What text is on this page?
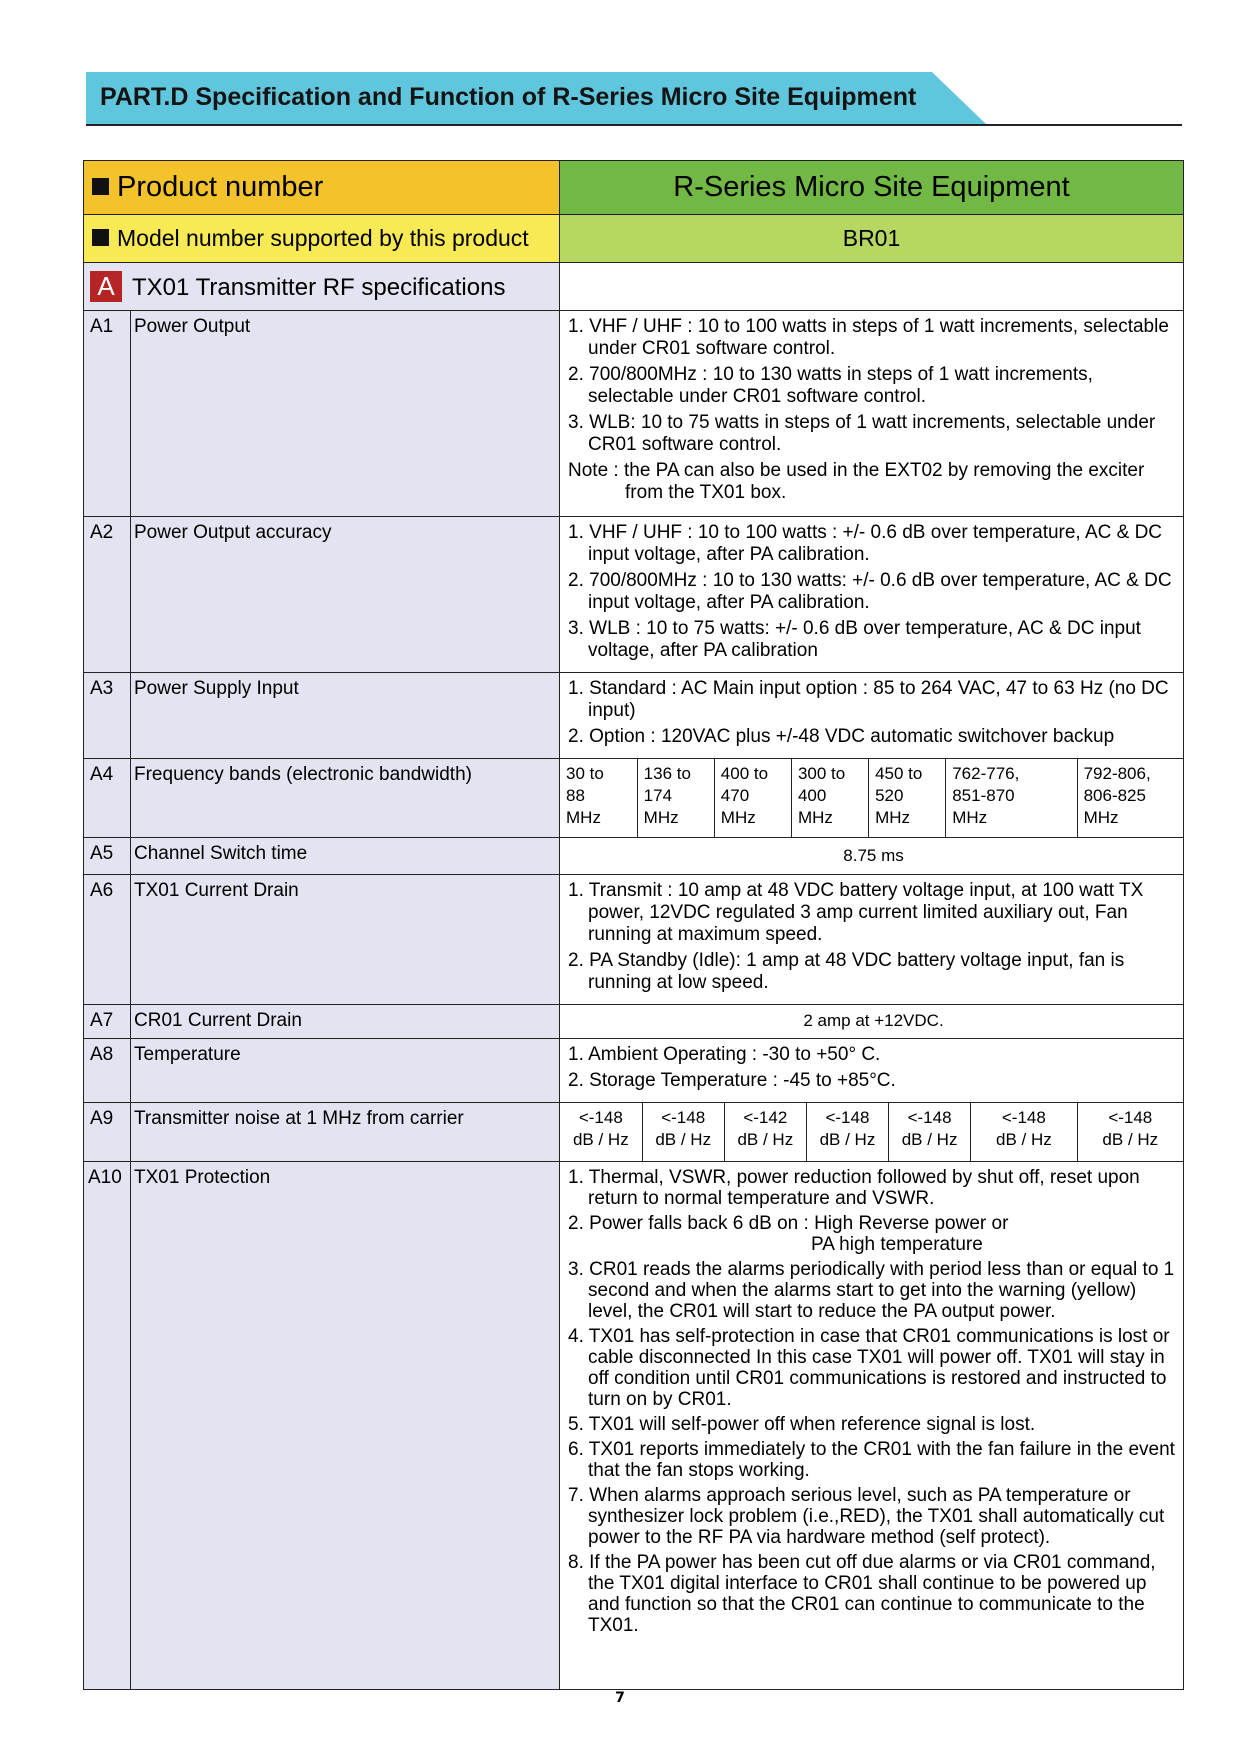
PART.D Specification and Function of R-Series Micro Site Equipment
Product number	R-Series Micro Site Equipment
Model number supported by this product	BR01
A TX01 Transmitter RF specifications	
A1	Power Output	1. VHF / UHF : 10 to 100 watts in steps of 1 watt increments, selectable under CR01 software control.
2. 700/800MHz : 10 to 130 watts in steps of 1 watt increments, selectable under CR01 software control.
3. WLB: 10 to 75 watts in steps of 1 watt increments, selectable under CR01 software control.
Note : the PA can also be used in the EXT02 by removing the exciter from the TX01 box.

A2	Power Output accuracy	1. VHF / UHF : 10 to 100 watts : +/- 0.6 dB over temperature, AC & DC input voltage, after PA calibration.
2. 700/800MHz : 10 to 130 watts: +/- 0.6 dB over temperature, AC & DC input voltage, after PA calibration.
3. WLB : 10 to 75 watts: +/- 0.6 dB over temperature, AC & DC input voltage, after PA calibration

A3	Power Supply Input	1. Standard : AC Main input option : 85 to 264 VAC, 47 to 63 Hz (no DC input)
2. Option : 120VAC plus +/-48 VDC automatic switchover backup

A4	Frequency bands (electronic bandwidth)		30 to
88
MHz

136 to
174
MHz

400 to
470
MHz

300 to
400
MHz

450 to
520
MHz

762-776,
851-870
MHz

792-806,
806-825
MHz

A5	Channel Switch time	8.75 ms
A6	TX01 Current Drain	1. Transmit : 10 amp at 48 VDC battery voltage input, at 100 watt TX power, 12VDC regulated 3 amp current limited auxiliary out, Fan running at maximum speed.
2. PA Standby (Idle): 1 amp at 48 VDC battery voltage input, fan is running at low speed.

A7	CR01 Current Drain	2 amp at +12VDC.
A8	Temperature	1. Ambient Operating : -30 to +50° C.
2. Storage Temperature : -45 to +85°C.

A9	Transmitter noise at 1 MHz from carrier		<-148
dB / Hz

<-148
dB / Hz

<-142
dB / Hz

<-148
dB / Hz

<-148
dB / Hz

<-148
dB / Hz

<-148
dB / Hz

A10	TX01 Protection	1. Thermal, VSWR, power reduction followed by shut off, reset upon return to normal temperature and VSWR.
2. Power falls back 6 dB on : High Reverse power or
PA high temperature
3. CR01 reads the alarms periodically with period less than or equal to 1 second and when the alarms start to get into the warning (yellow) level, the CR01 will start to reduce the PA output power.
4. TX01 has self-protection in case that CR01 communications is lost or cable disconnected In this case TX01 will power off. TX01 will stay in off condition until CR01 communications is restored and instructed to turn on by CR01.
5. TX01 will self-power off when reference signal is lost.
6. TX01 reports immediately to the CR01 with the fan failure in the event that the fan stops working.
7. When alarms approach serious level, such as PA temperature or synthesizer lock problem (i.e.,RED), the TX01 shall automatically cut power to the RF PA via hardware method (self protect).
8. If the PA power has been cut off due alarms or via CR01 command, the TX01 digital interface to CR01 shall continue to be powered up and function so that the CR01 can continue to communicate to the TX01.
7
